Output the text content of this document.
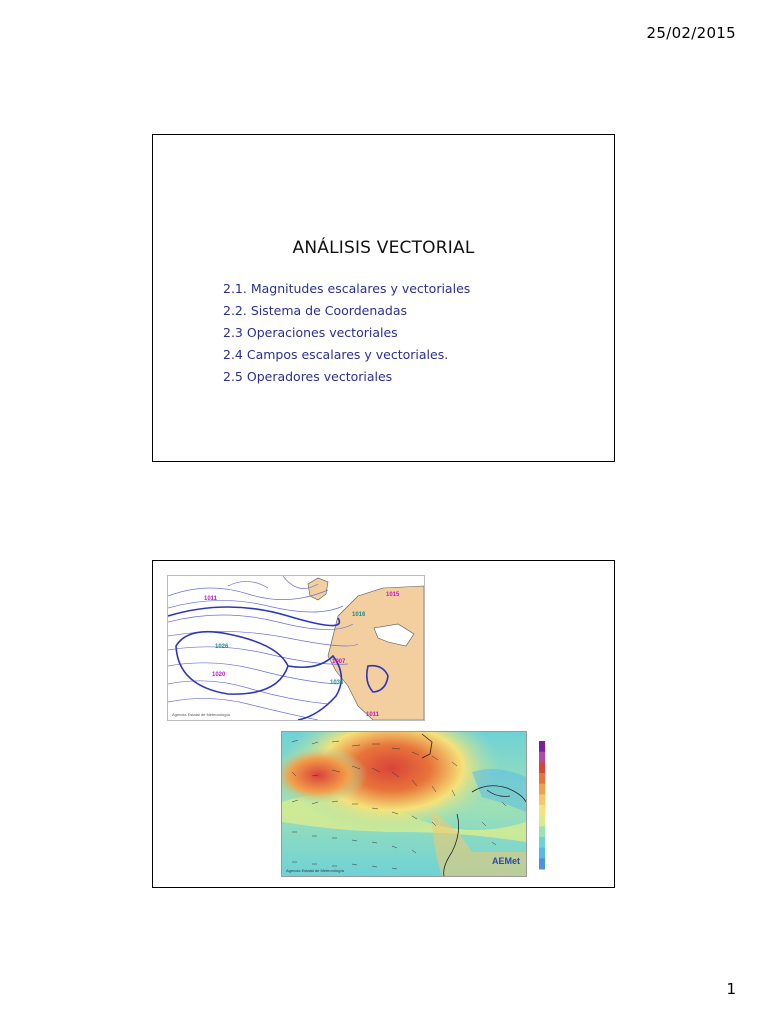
25/02/2015
ANÁLISIS VECTORIAL
2.1. Magnitudes escalares y vectoriales
2.2. Sistema de Coordenadas
2.3 Operaciones vectoriales
2.4 Campos escalares y vectoriales.
2.5 Operadores vectoriales
1011
1015
1016
1026
1020
1007
1036
1011
Agencia Estatal de Meteorología
Agencia Estatal de Meteorología
AEMet
1
